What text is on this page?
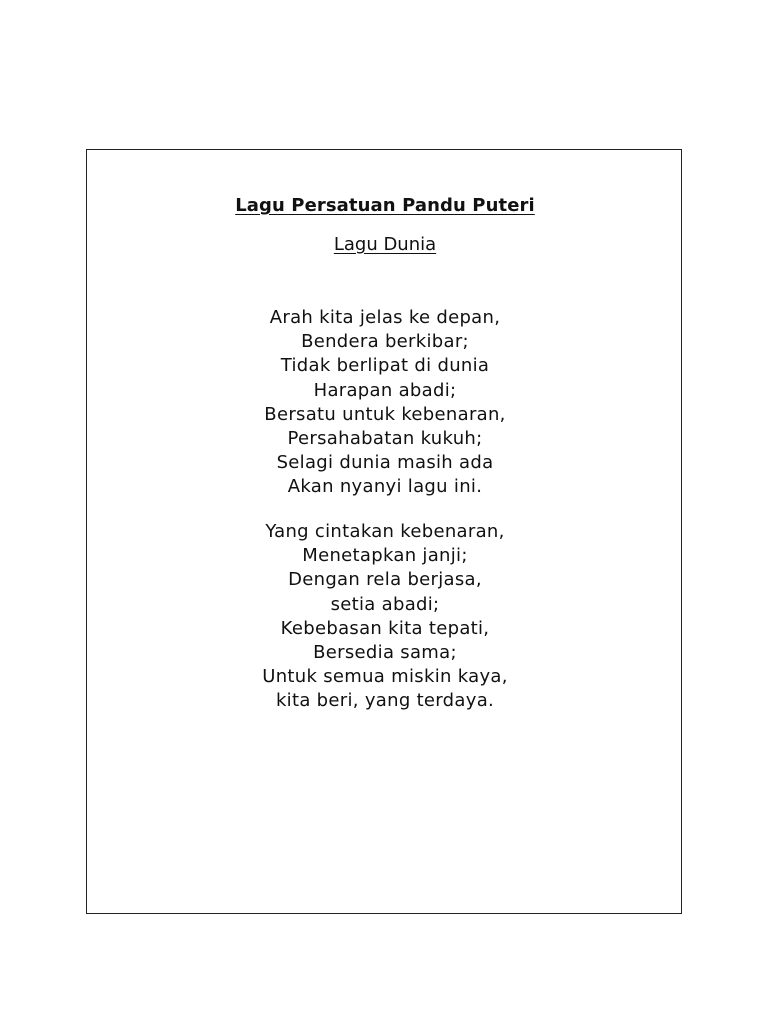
Lagu Persatuan Pandu Puteri
Lagu Dunia
Arah kita jelas ke depan,
Bendera berkibar;
Tidak berlipat di dunia
Harapan abadi;
Bersatu untuk kebenaran,
Persahabatan kukuh;
Selagi dunia masih ada
Akan nyanyi lagu ini.
Yang cintakan kebenaran,
Menetapkan janji;
Dengan rela berjasa,
setia abadi;
Kebebasan kita tepati,
Bersedia sama;
Untuk semua miskin kaya,
kita beri, yang terdaya.
